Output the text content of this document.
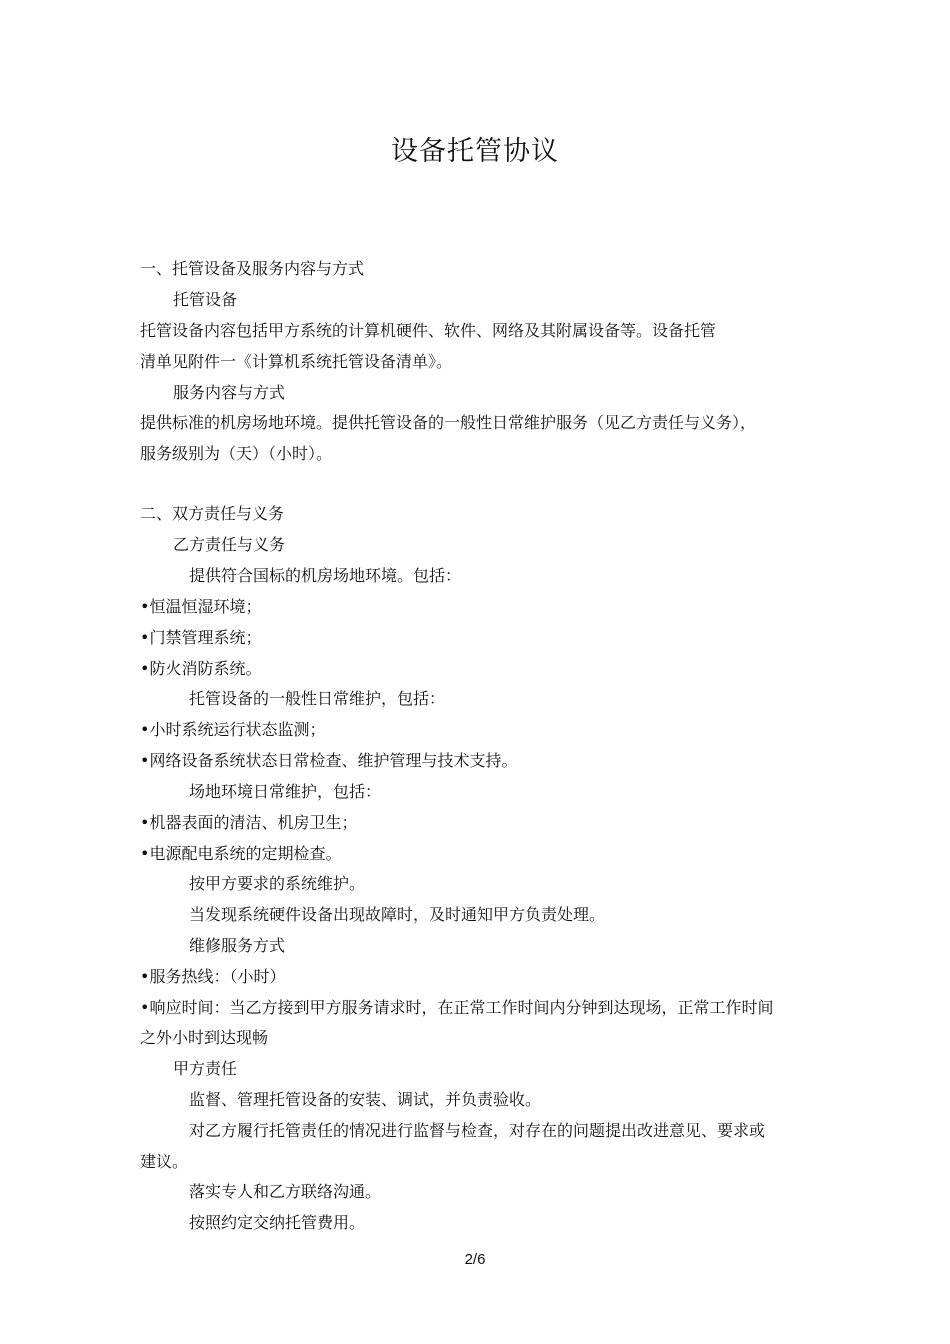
设备托管协议
一、托管设备及服务内容与方式
托管设备
托管设备内容包括甲方系统的计算机硬件、软件、网络及其附属设备等。设备托管
清单见附件一《计算机系统托管设备清单》。
服务内容与方式
提供标准的机房场地环境。提供托管设备的一般性日常维护服务（见乙方责任与义务），
服务级别为（天）（小时）。
二、双方责任与义务
乙方责任与义务
提供符合国标的机房场地环境。包括：
•恒温恒湿环境；
•门禁管理系统；
•防火消防系统。
托管设备的一般性日常维护，包括：
•小时系统运行状态监测；
•网络设备系统状态日常检查、维护管理与技术支持。
场地环境日常维护，包括：
•机器表面的清洁、机房卫生；
•电源配电系统的定期检查。
按甲方要求的系统维护。
当发现系统硬件设备出现故障时，及时通知甲方负责处理。
维修服务方式
•服务热线：（小时）
•响应时间：当乙方接到甲方服务请求时，在正常工作时间内分钟到达现场，正常工作时间
之外小时到达现畅
甲方责任
监督、管理托管设备的安装、调试，并负责验收。
对乙方履行托管责任的情况进行监督与检查，对存在的问题提出改进意见、要求或
建议。
落实专人和乙方联络沟通。
按照约定交纳托管费用。
2/6
